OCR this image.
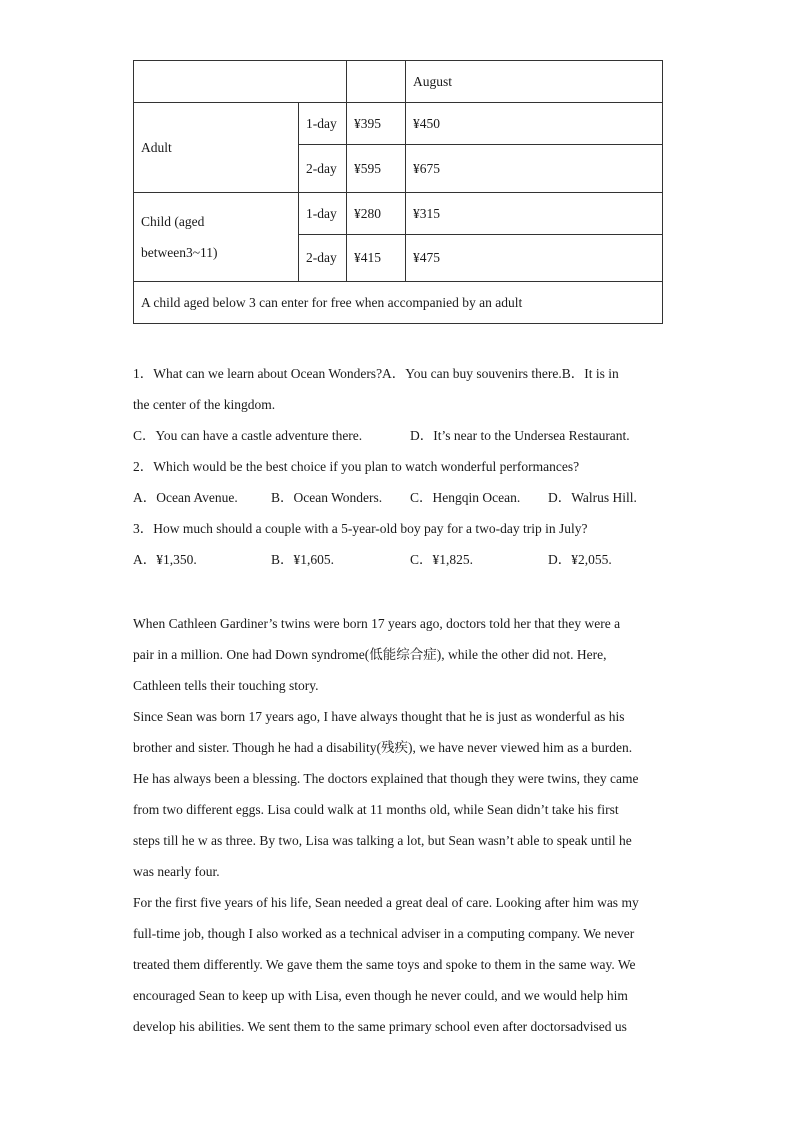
			August
Adult	1-day	¥395	¥450
	2-day	¥595	¥675

Child (aged
between3~11)	1-day	¥280	¥315
	2-day	¥415	¥475
A child aged below 3 can enter for free when accompanied by an adult			
1．What can we learn about Ocean Wonders?A．You can buy souvenirs there.B．It is in
the center of the kingdom.
C．You can have a castle adventure there.	D．It’s near to the Undersea Restaurant.
2．Which would be the best choice if you plan to watch wonderful performances?
A．Ocean Avenue. B．Ocean Wonders. C．Hengqin Ocean. D．Walrus Hill.
3．How much should a couple with a 5-year-old boy pay for a two-day trip in July?
A．¥1,350.	B．¥1,605.	C．¥1,825.	D．¥2,055.
When Cathleen Gardiner’s twins were born 17 years ago, doctors told her that they were a
pair in a million. One had Down syndrome(低能综合症), while the other did not. Here,
Cathleen tells their touching story.
Since Sean was born 17 years ago, I have always thought that he is just as wonderful as his
brother and sister. Though he had a disability(残疾), we have never viewed him as a burden.
He has always been a blessing. The doctors explained that though they were twins, they came
from two different eggs. Lisa could walk at 11 months old, while Sean didn’t take his first
steps till he w as three. By two, Lisa was talking a lot, but Sean wasn’t able to speak until he
was nearly four.
For the first five years of his life, Sean needed a great deal of care. Looking after him was my
full-time job, though I also worked as a technical adviser in a computing company. We never
treated them differently. We gave them the same toys and spoke to them in the same way. We
encouraged Sean to keep up with Lisa, even though he never could, and we would help him
develop his abilities. We sent them to the same primary school even after doctorsadvised us
